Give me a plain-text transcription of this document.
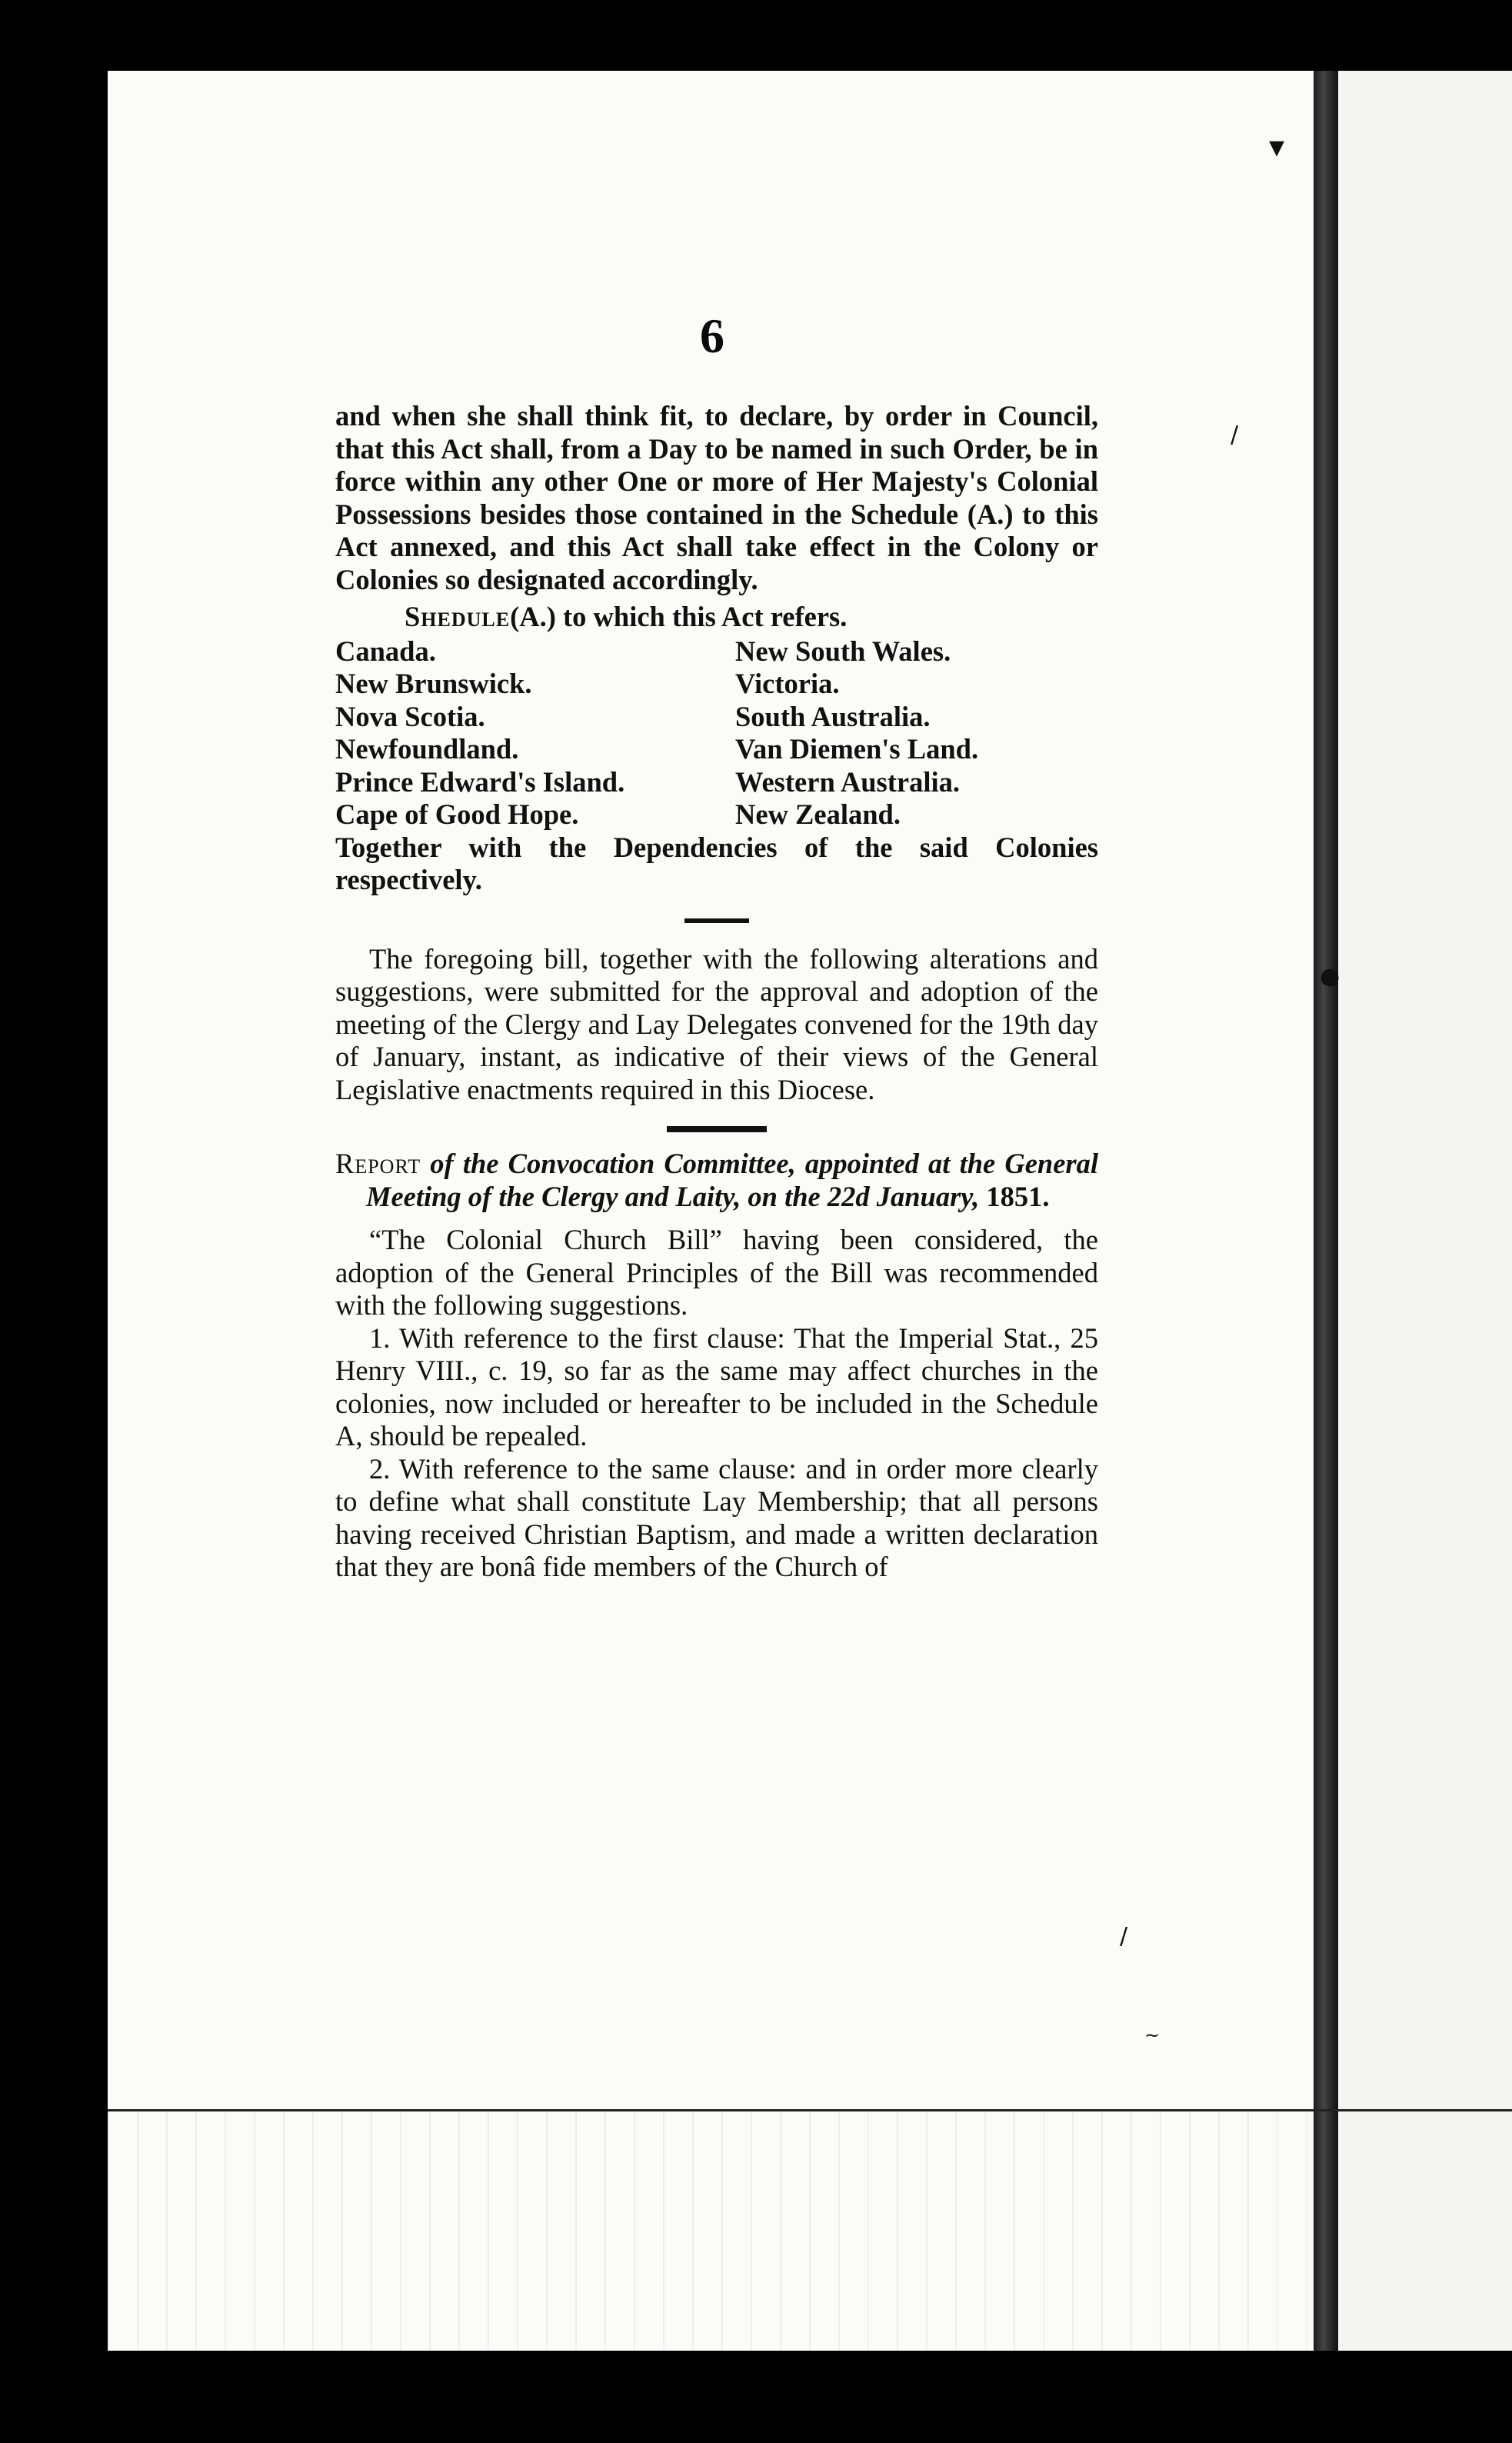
▾
/
●
/
~
6

and when she shall think fit, to declare, by order in Council, that this Act shall, from a Day to be named in such Order, be in force within any other One or more of Her Majesty's Colonial Possessions besides those contained in the Schedule (A.) to this Act annexed, and this Act shall take effect in the Colony or Colonies so designated accordingly.

Shedule(A.) to which this Act refers.
Canada.
New Brunswick.
Nova Scotia.
Newfoundland.
Prince Edward's Island.
Cape of Good Hope.
New South Wales.
Victoria.
South Australia.
Van Diemen's Land.
Western Australia.
New Zealand.

Together with the Dependencies of the said Colonies respectively.

The foregoing bill, together with the following alterations and suggestions, were submitted for the approval and adoption of the meeting of the Clergy and Lay Delegates convened for the 19th day of January, instant, as indicative of their views of the General Legislative enactments required in this Diocese.

Report of the Convocation Committee, appointed at the General Meeting of the Clergy and Laity, on the 22d January, 1851.

“The Colonial Church Bill” having been considered, the adoption of the General Principles of the Bill was recommended with the following suggestions.

1. With reference to the first clause: That the Imperial Stat., 25 Henry VIII., c. 19, so far as the same may affect churches in the colonies, now included or hereafter to be included in the Schedule A, should be repealed.

2. With reference to the same clause: and in order more clearly to define what shall constitute Lay Membership; that all persons having received Christian Baptism, and made a written declaration that they are bonâ fide members of the Church of
